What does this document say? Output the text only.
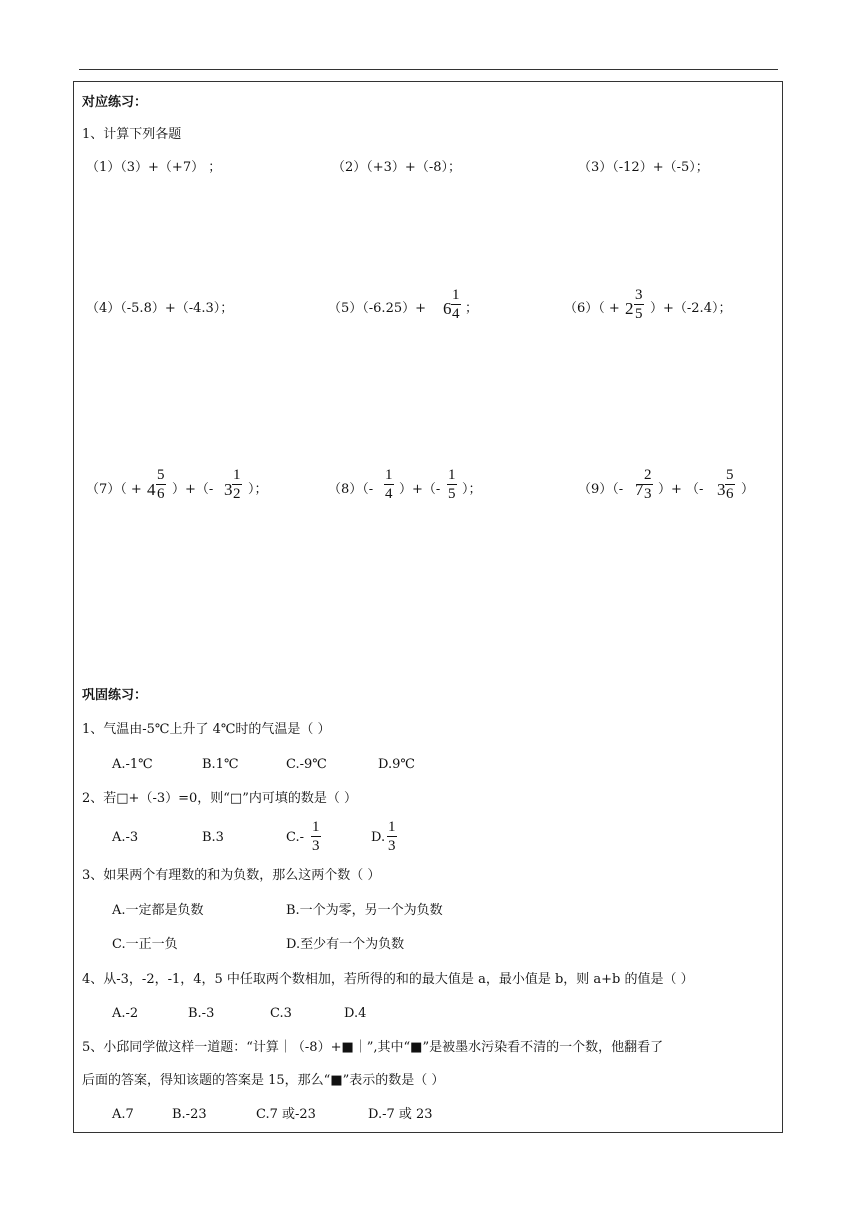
对应练习：
1、计算下列各题
（1）（3）+（+7） ；	（2）（+3）+（-8）；	（3）（-12）+（-5）；
（4）（-5.8）+（-4.3）；	$(5)(-6.25)+ 6 \frac{1}{4}$ ；	$(6)( + 2 \frac{3}{5} )+(-2.4)$；
$(7)( + 4 \frac{5}{6}$ ）+（- $3 \frac{1}{2}$ ）；	$(8)(- \frac{1}{4}$ ）+（- $\frac{1}{5}$ ）；	（9）（- $7 \frac{2}{3}$ ）+ （- $3 \frac{5}{6}$ ）
巩固练习：
1、气温由-5℃上升了 4℃时的气温是（ ）
A.-1℃	B.1℃	C.-9℃	D.9℃
2、若□+（-3）=0，则“□”内可填的数是（ ）
A.-3	B.3	$C.- \frac{1}{3}$	D. $\frac{1}{3}$
3、如果两个有理数的和为负数，那么这两个数（ ）
A.一定都是负数	B.一个为零，另一个为负数
C.一正一负	D.至少有一个为负数
4、从-3，-2，-1，4，5 中任取两个数相加，若所得的和的最大值是 a，最小值是 b，则 a+b 的值是（ ）
A.-2	B.-3	C.3	D.4
5、小邱同学做这样一道题：“计算｜（-8）+■｜”,其中“■”是被墨水污染看不清的一个数，他翻看了
后面的答案，得知该题的答案是 15，那么“■”表示的数是（ ）
A.7	B.-23	C.7 或-23	D.-7 或 23
